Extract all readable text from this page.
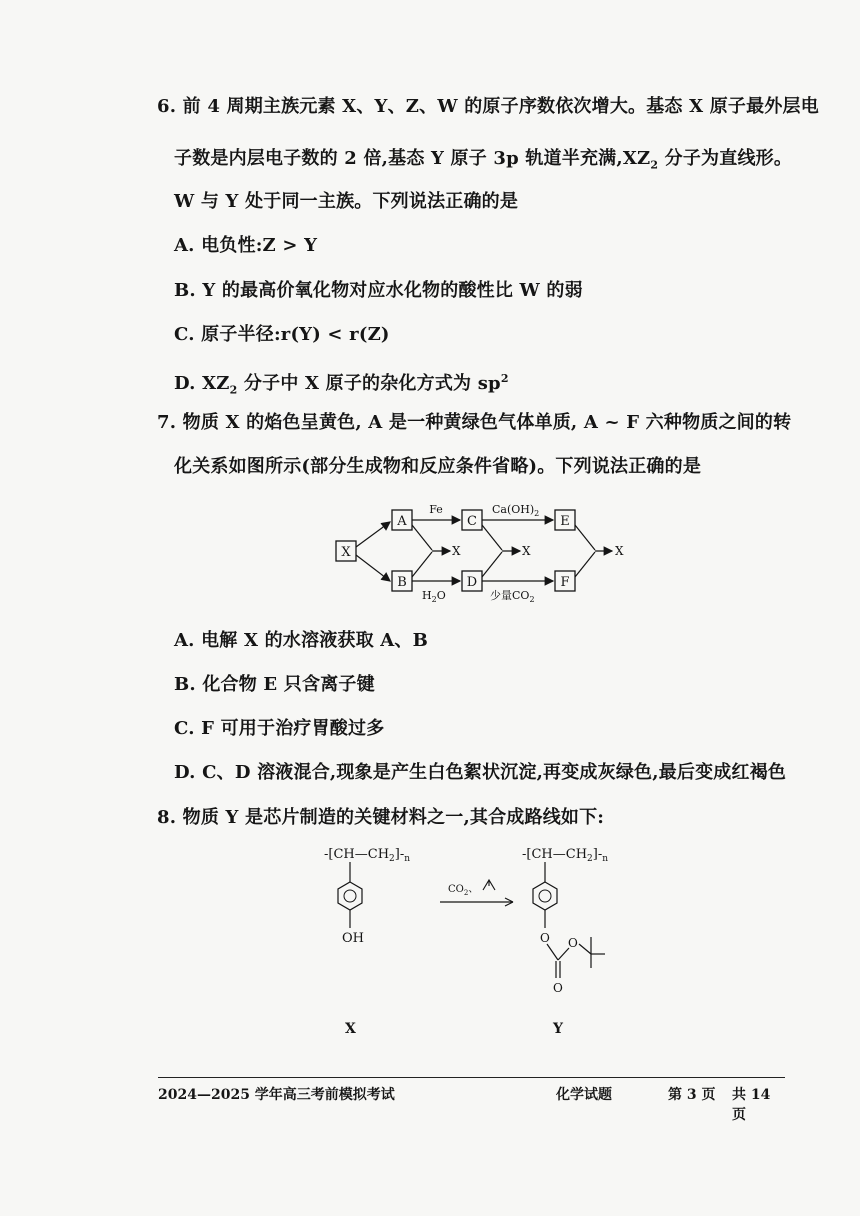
6. 前 4 周期主族元素 X、Y、Z、W 的原子序数依次增大。基态 X 原子最外层电
子数是内层电子数的 2 倍,基态 Y 原子 3p 轨道半充满$,XZ_2$ 分子为直线形。
W 与 Y 处于同一主族。下列说法正确的是
A. 电负性:Z > Y
B. Y 的最高价氧化物对应水化物的酸性比 W 的弱
C. 原子半径:r(Y) < r(Z)
D. $XZ_2$ 分子中 X 原子的杂化方式为 $sp^2$
7. 物质 X 的焰色呈黄色, A 是一种黄绿色气体单质, A ~ F 六种物质之间的转
化关系如图所示(部分生成物和反应条件省略)。下列说法正确的是
X
A
B
C
D
E
F
Fe
$H_2O$
X	X
$Ca(OH)_2$
少量$CO_2$
X
A. 电解 X 的水溶液获取 A、B
B. 化合物 E 只含离子键
C. F 可用于治疗胃酸过多
D. C、D 溶液混合,现象是产生白色絮状沉淀,再变成灰绿色,最后变成红褐色
8. 物质 Y 是芯片制造的关键材料之一,其合成路线如下:
$-[CH—CH_2]-_n$
OH
$CO_2$、
$-[CH—CH_2]-_n$
O
O
O
X	Y
2024—2025 学年高三考前模拟考试	化学试题	第 3 页 共 14 页
